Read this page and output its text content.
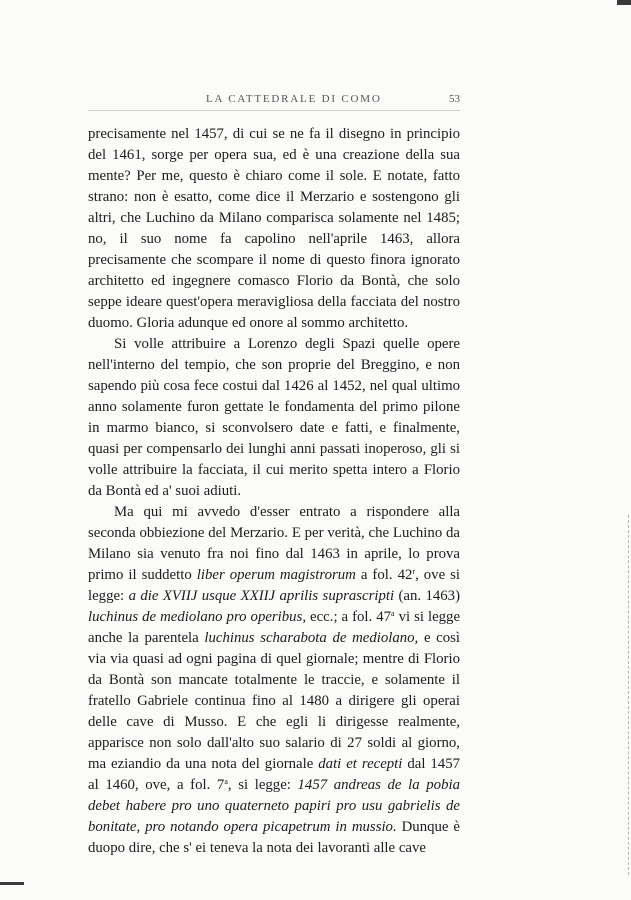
LA CATTEDRALE DI COMO	53

precisamente nel 1457, di cui se ne fa il disegno in principio del 1461, sorge per opera sua, ed è una creazione della sua mente? Per me, questo è chiaro come il sole. E notate, fatto strano: non è esatto, come dice il Merzario e sostengono gli altri, che Luchino da Milano comparisca solamente nel 1485; no, il suo nome fa capolino nell'aprile 1463, allora precisamente che scompare il nome di questo finora ignorato architetto ed ingegnere comasco Florio da Bontà, che solo seppe ideare quest'opera meravigliosa della facciata del nostro duomo. Gloria adunque ed onore al sommo architetto.

Si volle attribuire a Lorenzo degli Spazi quelle opere nell'interno del tempio, che son proprie del Breggino, e non sapendo più cosa fece costui dal 1426 al 1452, nel qual ultimo anno solamente furon gettate le fondamenta del primo pilone in marmo bianco, si sconvolsero date e fatti, e finalmente, quasi per compensarlo dei lunghi anni passati inoperoso, gli si volle attribuire la facciata, il cui merito spetta intero a Florio da Bontà ed a' suoi adiuti.

Ma qui mi avvedo d'esser entrato a rispondere alla seconda obbiezione del Merzario. E per verità, che Luchino da Milano sia venuto fra noi fino dal 1463 in aprile, lo prova primo il suddetto liber operum magistrorum a fol. 42$^r$, ove si legge: a die XVIIJ usque XXIIJ aprilis suprascripti (an. 1463) luchinus de mediolano pro operibus, ecc.; a fol. 47$^a$ vi si legge anche la parentela luchinus scharabota de mediolano, e così via via quasi ad ogni pagina di quel giornale; mentre di Florio da Bontà son mancate totalmente le traccie, e solamente il fratello Gabriele continua fino al 1480 a dirigere gli operai delle cave di Musso. E che egli li dirigesse realmente, apparisce non solo dall'alto suo salario di 27 soldi al giorno, ma eziandio da una nota del giornale dati et recepti dal 1457 al 1460, ove, a fol. 7$^a$, si legge: 1457 andreas de la pobia debet habere pro uno quaterneto papiri pro usu gabrielis de bonitate, pro notando opera picapetrum in mussio. Dunque è duopo dire, che s' ei teneva la nota dei lavoranti alle cave
